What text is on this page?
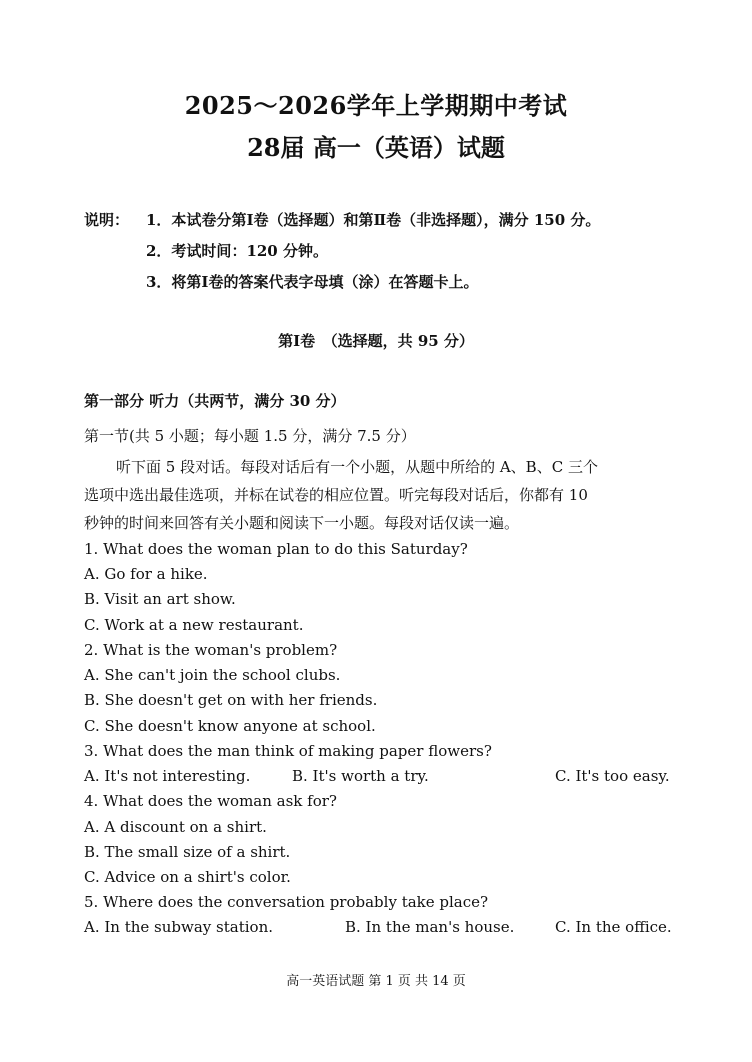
2025～2026学年上学期期中考试
28届 高一（英语）试题
说明： 1．本试卷分第Ⅰ卷（选择题）和第Ⅱ卷（非选择题），满分 150 分。
2．考试时间：120 分钟。
3．将第Ⅰ卷的答案代表字母填（涂）在答题卡上。
第Ⅰ卷　（选择题，共 95 分）
第一部分 听力（共两节，满分 30 分）
第一节(共 5 小题；每小题 1.5 分，满分 7.5 分）
听下面 5 段对话。每段对话后有一个小题，从题中所给的 A、B、C 三个
选项中选出最佳选项，并标在试卷的相应位置。听完每段对话后，你都有 10
秒钟的时间来回答有关小题和阅读下一小题。每段对话仅读一遍。
1. What does the woman plan to do this Saturday?
A. Go for a hike.
B. Visit an art show.
C. Work at a new restaurant.
2. What is the woman's problem?
A. She can't join the school clubs.
B. She doesn't get on with her friends.
C. She doesn't know anyone at school.
3. What does the man think of making paper flowers?
A. It's not interesting.	B. It's worth a try.	C. It's too easy.
4. What does the woman ask for?
A. A discount on a shirt.
B. The small size of a shirt.
C. Advice on a shirt's color.
5. Where does the conversation probably take place?
A. In the subway station.	B. In the man's house.	C. In the office.
高一英语试题 第 1 页 共 14 页
